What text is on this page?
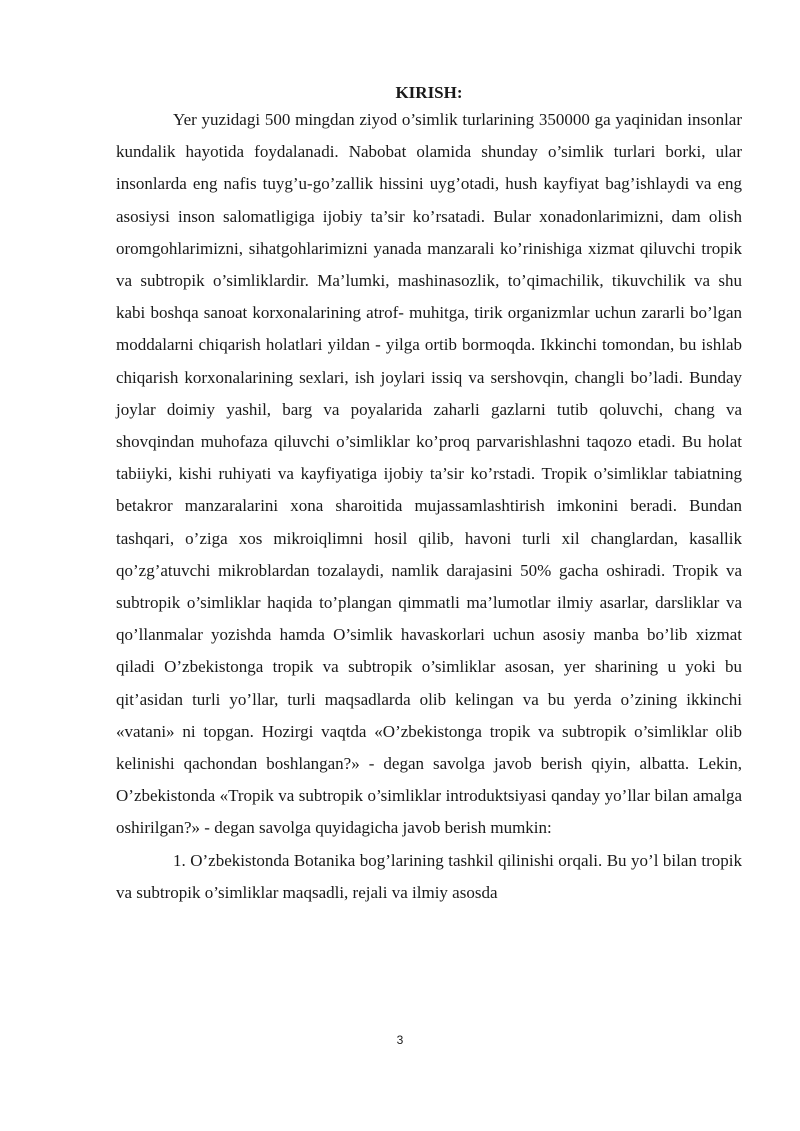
KIRISH:

Yer yuzidagi 500 mingdan ziyod o’simlik turlarining 350000 ga yaqinidan insonlar kundalik hayotida foydalanadi. Nabobat olamida shunday o’simlik turlari borki, ular insonlarda eng nafis tuyg’u-go’zallik hissini uyg’otadi, hush kayfiyat bag’ishlaydi va eng asosiysi inson salomatligiga ijobiy ta’sir ko’rsatadi. Bular xonadonlarimizni, dam olish oromgohlarimizni, sihatgohlarimizni yanada manzarali ko’rinishiga xizmat qiluvchi tropik va subtropik o’simliklardir. Ma’lumki, mashinasozlik, to’qimachilik, tikuvchilik va shu kabi boshqa sanoat korxonalarining atrof- muhitga, tirik organizmlar uchun zararli bo’lgan moddalarni chiqarish holatlari yildan - yilga ortib bormoqda. Ikkinchi tomondan, bu ishlab chiqarish korxonalarining sexlari, ish joylari issiq va sershovqin, changli bo’ladi. Bunday joylar doimiy yashil, barg va poyalarida zaharli gazlarni tutib qoluvchi, chang va shovqindan muhofaza qiluvchi o’simliklar ko’proq parvarishlashni taqozo etadi. Bu holat tabiiyki, kishi ruhiyati va kayfiyatiga ijobiy ta’sir ko’rstadi. Tropik o’simliklar tabiatning betakror manzaralarini xona sharoitida mujassamlashtirish imkonini beradi. Bundan tashqari, o’ziga xos mikroiqlimni hosil qilib, havoni turli xil changlardan, kasallik qo’zg’atuvchi mikroblardan tozalaydi, namlik darajasini 50% gacha oshiradi. Tropik va subtropik o’simliklar haqida to’plangan qimmatli ma’lumotlar ilmiy asarlar, darsliklar va qo’llanmalar yozishda hamda O’simlik havaskorlari uchun asosiy manba bo’lib xizmat qiladi O’zbekistonga tropik va subtropik o’simliklar asosan, yer sharining u yoki bu qit’asidan turli yo’llar, turli maqsadlarda olib kelingan va bu yerda o’zining ikkinchi «vatani» ni topgan. Hozirgi vaqtda «O’zbekistonga tropik va subtropik o’simliklar olib kelinishi qachondan boshlangan?» - degan savolga javob berish qiyin, albatta. Lekin, O’zbekistonda «Tropik va subtropik o’simliklar introduktsiyasi qanday yo’llar bilan amalga oshirilgan?» - degan savolga quyidagicha javob berish mumkin:

1. O’zbekistonda Botanika bog’larining tashkil qilinishi orqali. Bu yo’l bilan tropik va subtropik o’simliklar maqsadli, rejali va ilmiy asosda

3
